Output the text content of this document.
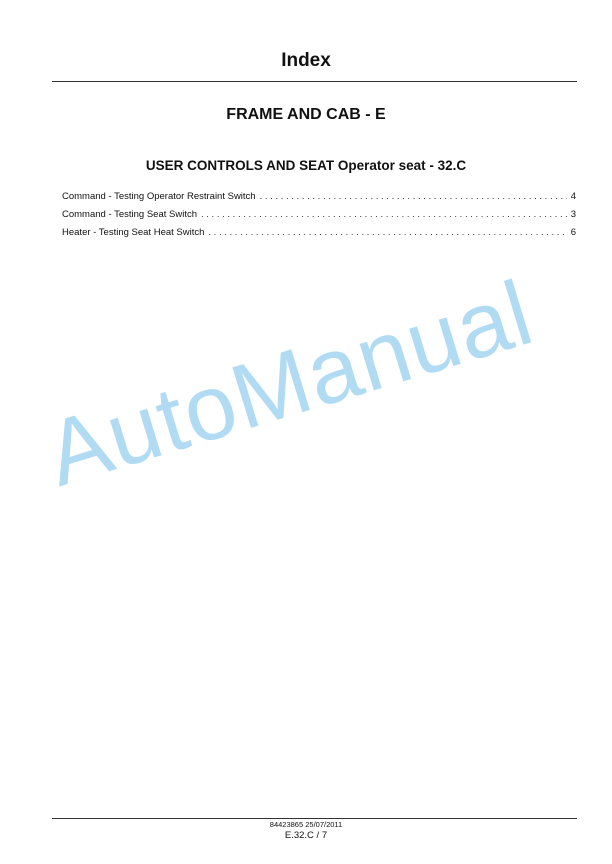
Index
FRAME AND CAB - E
USER CONTROLS AND SEAT Operator seat - 32.C
Command - Testing Operator Restraint Switch . . .	4
Command - Testing Seat Switch . . .	3
Heater - Testing Seat Heat Switch . . .	6
AutoManual
84423865 25/07/2011
E.32.C / 7
